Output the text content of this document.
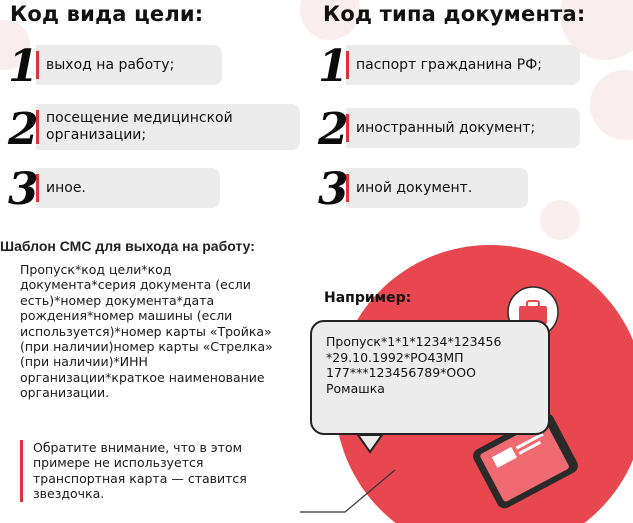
Код вида цели:	Код типа документа:
1 выход на работу;
2 посещение медицинской организации;
3 иное.
1 паспорт гражданина РФ;
2 иностранный документ;
3 иной документ.
Шаблон СМС для выхода на работу:
Пропуск*код цели*код документа*серия документа (если есть)*номер документа*дата рождения*номер машины (если используется)*номер карты «Тройка» (при наличии)номер карты «Стрелка» (при наличии)*ИНН организации*краткое наименование организации.
Обратите внимание, что в этом примере не используется транспортная карта — ставится звездочка.
Например:
Пропуск*1*1*1234*123456
*29.10.1992*РО43МП
177***123456789*ООО
Ромашка
